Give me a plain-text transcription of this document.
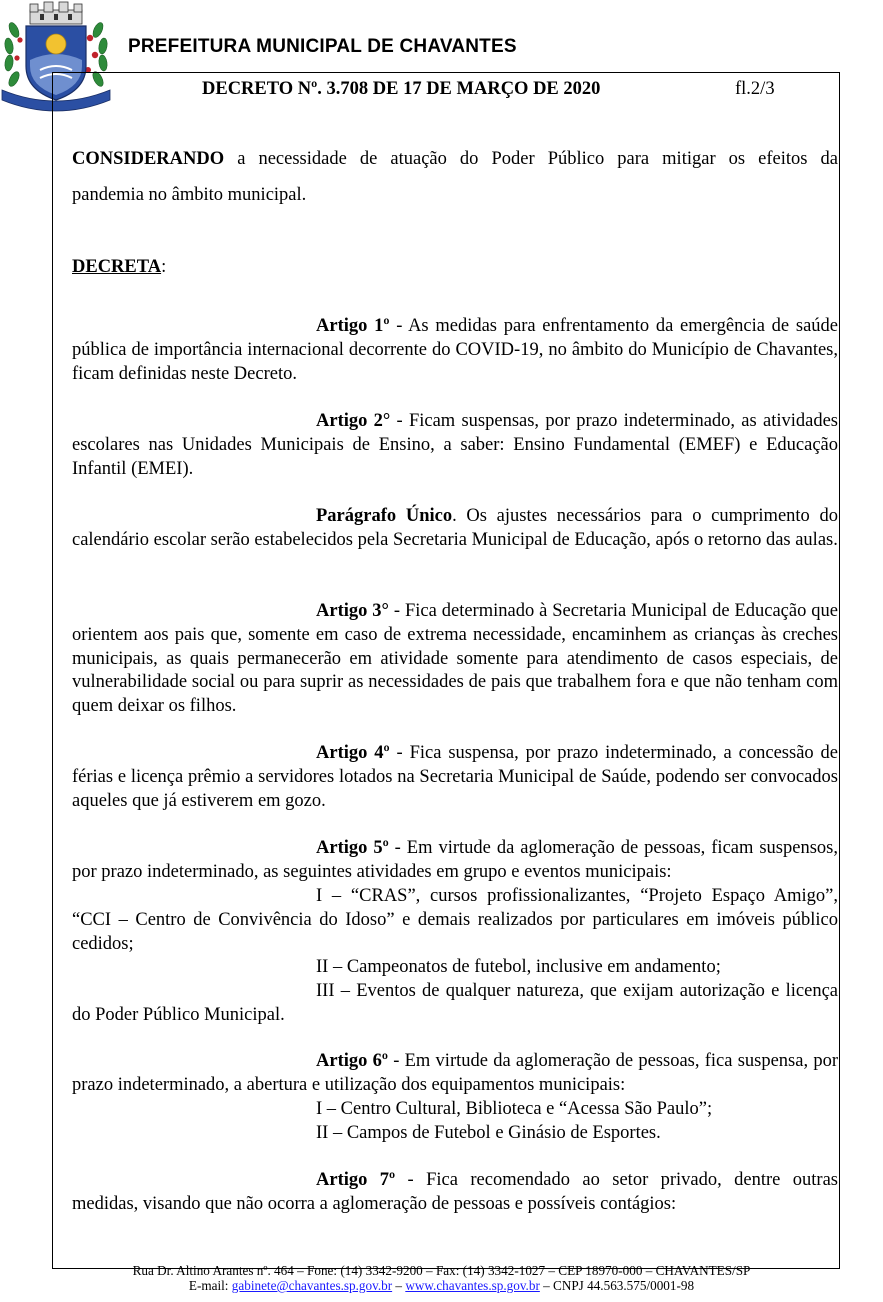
PREFEITURA MUNICIPAL DE CHAVANTES
DECRETO Nº. 3.708 DE 17 DE MARÇO DE 2020	fl.2/3
CONSIDERANDO a necessidade de atuação do Poder Público para mitigar os efeitos da
pandemia no âmbito municipal.
DECRETA:
Artigo 1º - As medidas para enfrentamento da emergência de saúde pública de importância internacional decorrente do COVID-19, no âmbito do Município de Chavantes, ficam definidas neste Decreto.
Artigo 2° - Ficam suspensas, por prazo indeterminado, as atividades escolares nas Unidades Municipais de Ensino, a saber: Ensino Fundamental (EMEF) e Educação Infantil (EMEI).
Parágrafo Único. Os ajustes necessários para o cumprimento do calendário escolar serão estabelecidos pela Secretaria Municipal de Educação, após o retorno das aulas.
Artigo 3° - Fica determinado à Secretaria Municipal de Educação que orientem aos pais que, somente em caso de extrema necessidade, encaminhem as crianças às creches municipais, as quais permanecerão em atividade somente para atendimento de casos especiais, de vulnerabilidade social ou para suprir as necessidades de pais que trabalhem fora e que não tenham com quem deixar os filhos.
Artigo 4º - Fica suspensa, por prazo indeterminado, a concessão de férias e licença prêmio a servidores lotados na Secretaria Municipal de Saúde, podendo ser convocados aqueles que já estiverem em gozo.
Artigo 5º - Em virtude da aglomeração de pessoas, ficam suspensos, por prazo indeterminado, as seguintes atividades em grupo e eventos municipais:
I – “CRAS”, cursos profissionalizantes, “Projeto Espaço Amigo”, “CCI – Centro de Convivência do Idoso” e demais realizados por particulares em imóveis público cedidos;
II – Campeonatos de futebol, inclusive em andamento;
III – Eventos de qualquer natureza, que exijam autorização e licença do Poder Público Municipal.
Artigo 6º - Em virtude da aglomeração de pessoas, fica suspensa, por prazo indeterminado, a abertura e utilização dos equipamentos municipais:
I – Centro Cultural, Biblioteca e “Acessa São Paulo”;
II – Campos de Futebol e Ginásio de Esportes.
Artigo 7º - Fica recomendado ao setor privado, dentre outras medidas, visando que não ocorra a aglomeração de pessoas e possíveis contágios:
Rua Dr. Altino Arantes nº. 464 – Fone: (14) 3342-9200 – Fax: (14) 3342-1027 – CEP 18970-000 – CHAVANTES/SP
E-mail: gabinete@chavantes.sp.gov.br – www.chavantes.sp.gov.br – CNPJ 44.563.575/0001-98
